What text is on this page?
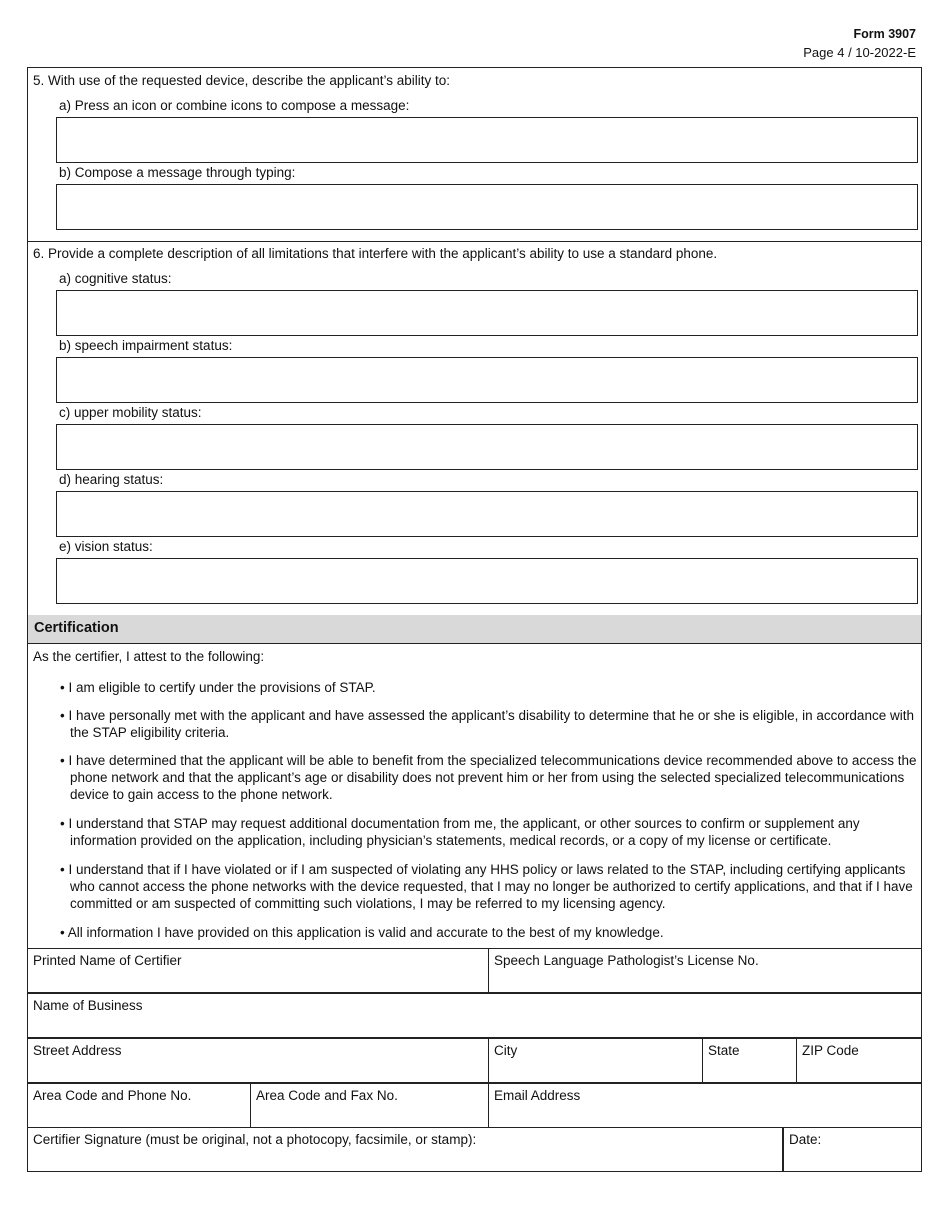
Form 3907
Page 4 / 10-2022-E
5. With use of the requested device, describe the applicant’s ability to:
a) Press an icon or combine icons to compose a message:
b) Compose a message through typing:
6. Provide a complete description of all limitations that interfere with the applicant’s ability to use a standard phone.
a) cognitive status:
b) speech impairment status:
c) upper mobility status:
d) hearing status:
e) vision status:
Certification
As the certifier, I attest to the following:
• I am eligible to certify under the provisions of STAP.
• I have personally met with the applicant and have assessed the applicant’s disability to determine that he or she is eligible, in accordance with the STAP eligibility criteria.
• I have determined that the applicant will be able to benefit from the specialized telecommunications device recommended above to access the phone network and that the applicant’s age or disability does not prevent him or her from using the selected specialized telecommunications device to gain access to the phone network.
• I understand that STAP may request additional documentation from me, the applicant, or other sources to confirm or supplement any information provided on the application, including physician’s statements, medical records, or a copy of my license or certificate.
• I understand that if I have violated or if I am suspected of violating any HHS policy or laws related to the STAP, including certifying applicants who cannot access the phone networks with the device requested, that I may no longer be authorized to certify applications, and that if I have committed or am suspected of committing such violations, I may be referred to my licensing agency.
• All information I have provided on this application is valid and accurate to the best of my knowledge.
Printed Name of Certifier	Speech Language Pathologist’s License No.
Name of Business
Street Address	City	State	ZIP Code
Area Code and Phone No.	Area Code and Fax No.	Email Address
Certifier Signature (must be original, not a photocopy, facsimile, or stamp):	Date:
